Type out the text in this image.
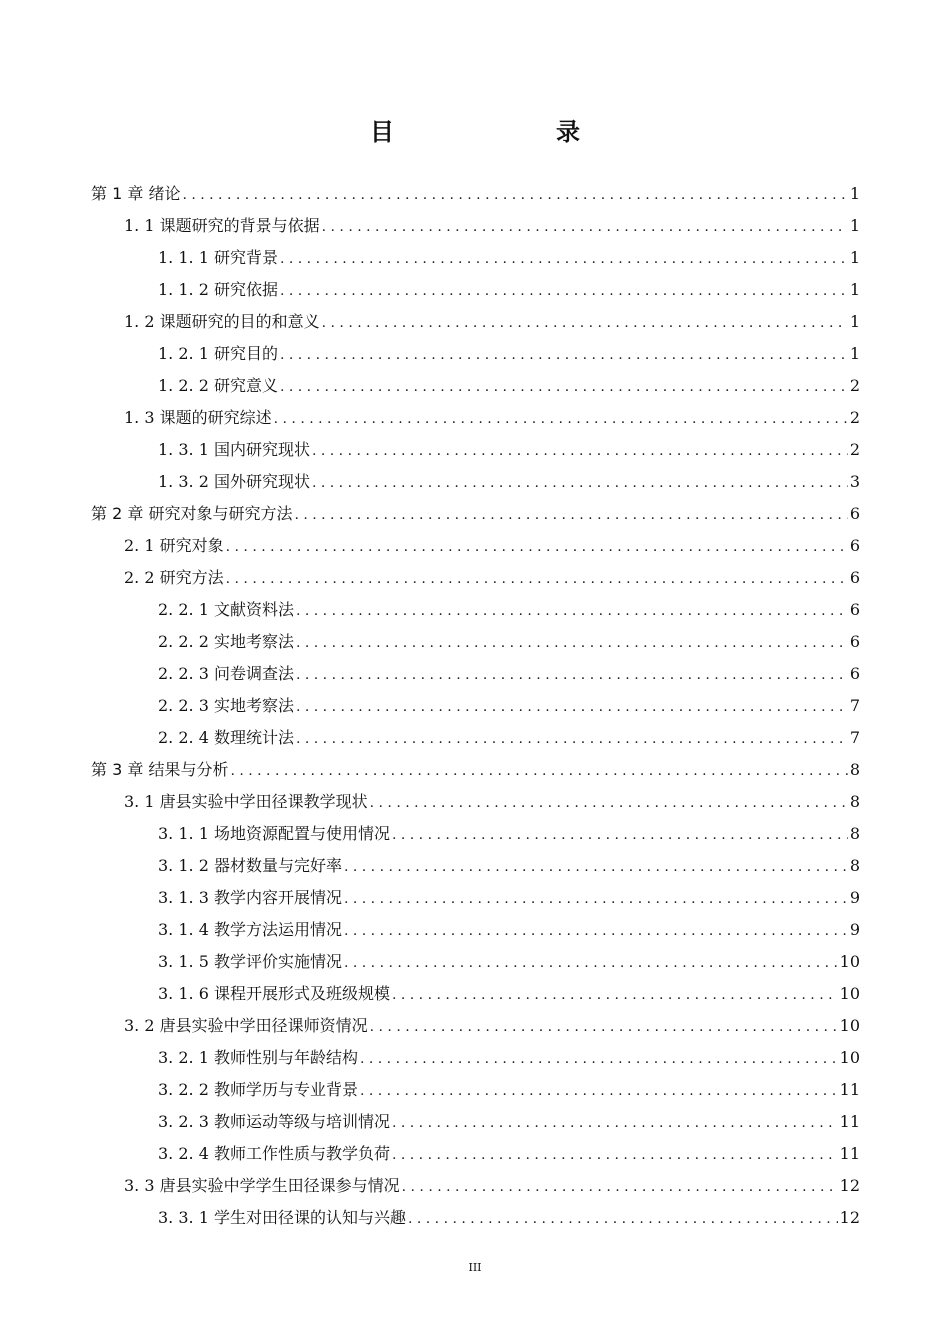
目　　录
第 1 章 绪论 . . .	1
1. 1 课题研究的背景与依据 . . .	1
1. 1. 1 研究背景 . . .	1
1. 1. 2 研究依据 . . .	1
1. 2 课题研究的目的和意义 . . .	1
1. 2. 1 研究目的 . . .	1
1. 2. 2 研究意义 . . .	2
1. 3 课题的研究综述 . . .	2
1. 3. 1 国内研究现状 . . .	2
1. 3. 2 国外研究现状 . . .	3
第 2 章 研究对象与研究方法 . . .	6
2. 1 研究对象 . . .	6
2. 2 研究方法 . . .	6
2. 2. 1 文献资料法 . . .	6
2. 2. 2 实地考察法 . . .	6
2. 2. 3 问卷调查法 . . .	6
2. 2. 3 实地考察法 . . .	7
2. 2. 4 数理统计法 . . .	7
第 3 章 结果与分析 . . .	8
3. 1 唐县实验中学田径课教学现状 . . .	8
3. 1. 1 场地资源配置与使用情况 . . .	8
3. 1. 2 器材数量与完好率 . . .	8
3. 1. 3 教学内容开展情况 . . .	9
3. 1. 4 教学方法运用情况 . . .	9
3. 1. 5 教学评价实施情况 . . .	10
3. 1. 6 课程开展形式及班级规模 . . .	10
3. 2 唐县实验中学田径课师资情况 . . .	10
3. 2. 1 教师性别与年龄结构 . . .	10
3. 2. 2 教师学历与专业背景 . . .	11
3. 2. 3 教师运动等级与培训情况 . . .	11
3. 2. 4 教师工作性质与教学负荷 . . .	11
3. 3 唐县实验中学学生田径课参与情况 . . .	12
3. 3. 1 学生对田径课的认知与兴趣 . . .	12
III
